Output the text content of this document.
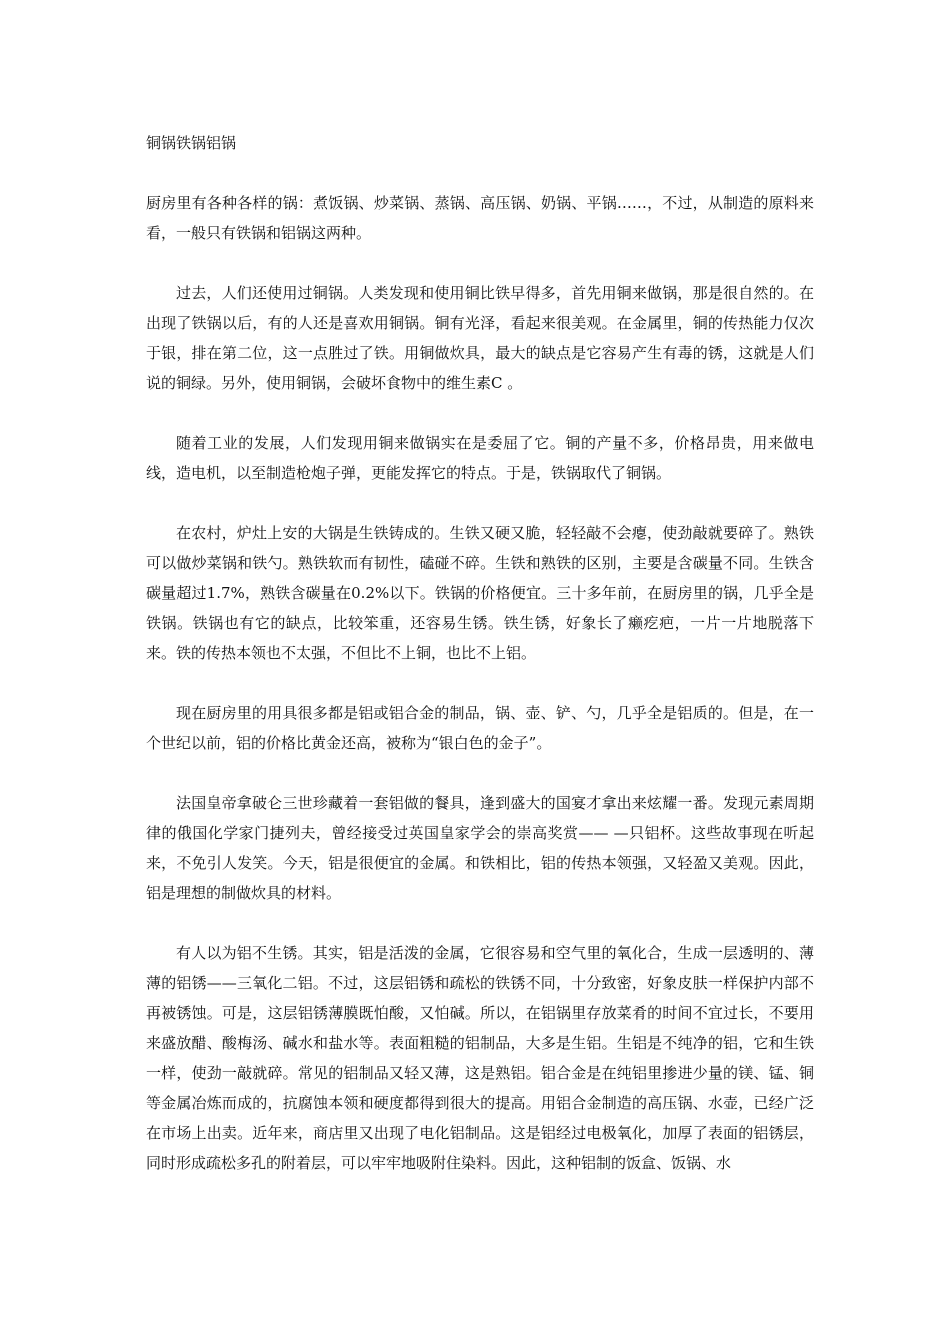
铜锅铁锅铝锅

厨房里有各种各样的锅：煮饭锅、炒菜锅、蒸锅、高压锅、奶锅、平锅……，不过，从制造的原料来看，一般只有铁锅和铝锅这两种。

过去，人们还使用过铜锅。人类发现和使用铜比铁早得多，首先用铜来做锅，那是很自然的。在出现了铁锅以后，有的人还是喜欢用铜锅。铜有光泽，看起来很美观。在金属里，铜的传热能力仅次于银，排在第二位，这一点胜过了铁。用铜做炊具，最大的缺点是它容易产生有毒的锈，这就是人们说的铜绿。另外，使用铜锅，会破坏食物中的维生素C 。

随着工业的发展，人们发现用铜来做锅实在是委屈了它。铜的产量不多，价格昂贵，用来做电线，造电机，以至制造枪炮子弹，更能发挥它的特点。于是，铁锅取代了铜锅。

在农村，炉灶上安的大锅是生铁铸成的。生铁又硬又脆，轻轻敲不会瘪，使劲敲就要碎了。熟铁可以做炒菜锅和铁勺。熟铁软而有韧性，磕碰不碎。生铁和熟铁的区别，主要是含碳量不同。生铁含碳量超过1.7%，熟铁含碳量在0.2%以下。铁锅的价格便宜。三十多年前，在厨房里的锅，几乎全是铁锅。铁锅也有它的缺点，比较笨重，还容易生锈。铁生锈，好象长了癞疙疤，一片一片地脱落下来。铁的传热本领也不太强，不但比不上铜，也比不上铝。

现在厨房里的用具很多都是铝或铝合金的制品，锅、壶、铲、勺，几乎全是铝质的。但是，在一个世纪以前，铝的价格比黄金还高，被称为“银白色的金子”。

法国皇帝拿破仑三世珍藏着一套铝做的餐具，逢到盛大的国宴才拿出来炫耀一番。发现元素周期律的俄国化学家门捷列夫，曾经接受过英国皇家学会的崇高奖赏—— —只铝杯。这些故事现在听起来，不免引人发笑。今天，铝是很便宜的金属。和铁相比，铝的传热本领强，又轻盈又美观。因此，铝是理想的制做炊具的材料。

有人以为铝不生锈。其实，铝是活泼的金属，它很容易和空气里的氧化合，生成一层透明的、薄薄的铝锈——三氧化二铝。不过，这层铝锈和疏松的铁锈不同，十分致密，好象皮肤一样保护内部不再被锈蚀。可是，这层铝锈薄膜既怕酸，又怕碱。所以，在铝锅里存放菜肴的时间不宜过长，不要用来盛放醋、酸梅汤、碱水和盐水等。表面粗糙的铝制品，大多是生铝。生铝是不纯净的铝，它和生铁一样，使劲一敲就碎。常见的铝制品又轻又薄，这是熟铝。铝合金是在纯铝里掺进少量的镁、锰、铜等金属冶炼而成的，抗腐蚀本领和硬度都得到很大的提高。用铝合金制造的高压锅、水壶，已经广泛在市场上出卖。近年来，商店里又出现了电化铝制品。这是铝经过电极氧化，加厚了表面的铝锈层，同时形成疏松多孔的附着层，可以牢牢地吸附住染料。因此，这种铝制的饭盒、饭锅、水
